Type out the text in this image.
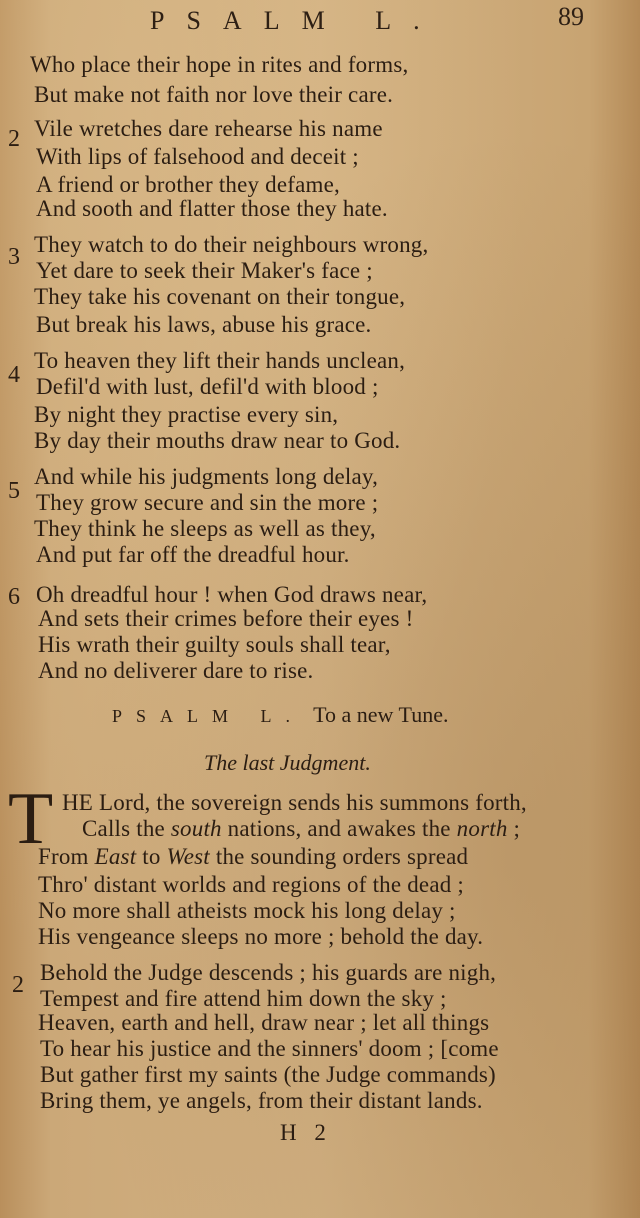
PSALM L.	89
Who place their hope in rites and forms,
But make not faith nor love their care.
2 Vile wretches dare rehearse his name
With lips of falsehood and deceit ;
A friend or brother they defame,
And sooth and flatter those they hate.
3 They watch to do their neighbours wrong,
Yet dare to seek their Maker's face ;
They take his covenant on their tongue,
But break his laws, abuse his grace.
4
To heaven they lift their hands unclean,
Defil'd with lust, defil'd with blood ;
By night they practise every sin,
By day their mouths draw near to God.
5
And while his judgments long delay,
They grow secure and sin the more ;
They think he sleeps as well as they,
And put far off the dreadful hour.
6 Oh dreadful hour ! when God draws near,
And sets their crimes before their eyes !
His wrath their guilty souls shall tear,
And no deliverer dare to rise.
PSALM L. To a new Tune.
The last Judgment.
T HE Lord, the sovereign sends his summons forth,
Calls the south nations, and awakes the north ;
From East to West the sounding orders spread
Thro' distant worlds and regions of the dead ;
No more shall atheists mock his long delay ;
His vengeance sleeps no more ; behold the day.
2 Behold the Judge descends ; his guards are nigh,
Tempest and fire attend him down the sky ;
Heaven, earth and hell, draw near ; let all things
To hear his justice and the sinners' doom ; [come
But gather first my saints (the Judge commands)
Bring them, ye angels, from their distant lands.
H 2
